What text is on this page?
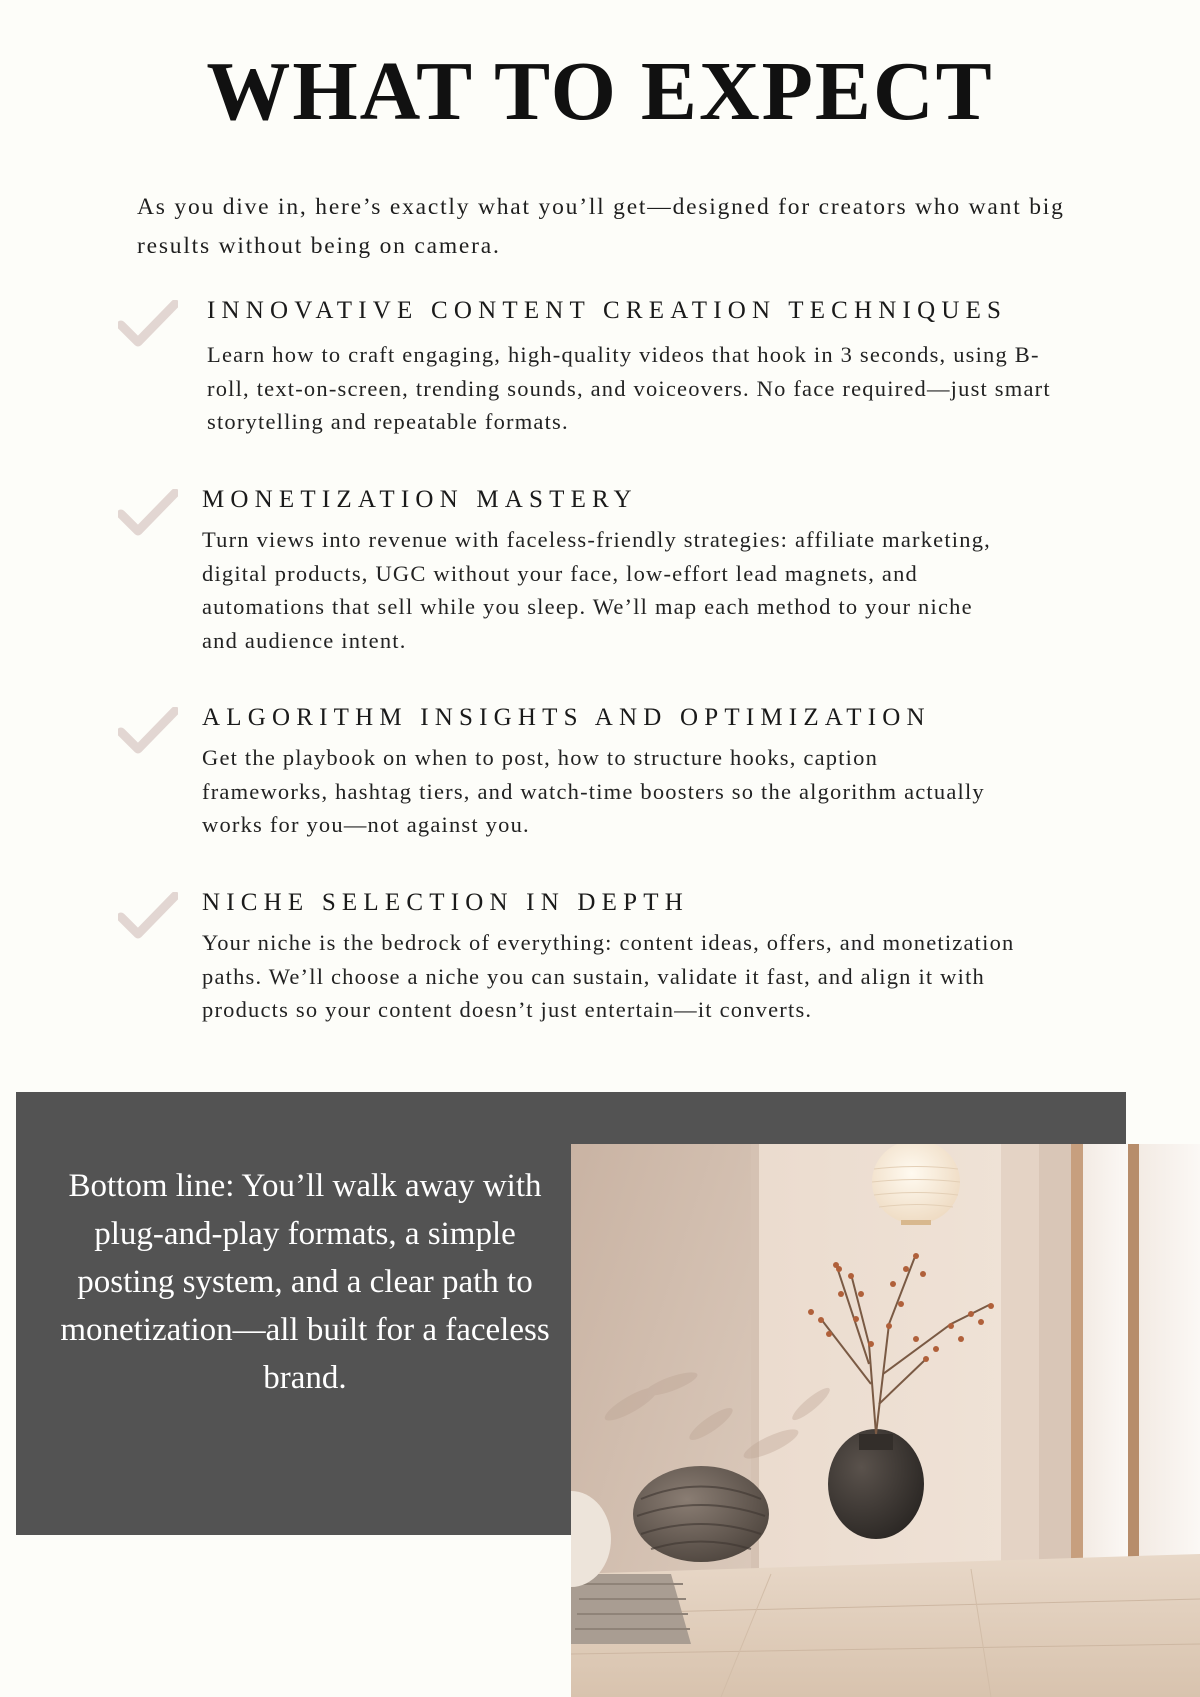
WHAT TO EXPECT

As you dive in, here’s exactly what you’ll get—designed for creators who want big results without being on camera.

INNOVATIVE CONTENT CREATION TECHNIQUES

Learn how to craft engaging, high-quality videos that hook in 3 seconds, using B-roll, text-on-screen, trending sounds, and voiceovers. No face required—just smart storytelling and repeatable formats.

MONETIZATION MASTERY

Turn views into revenue with faceless-friendly strategies: affiliate marketing, digital products, UGC without your face, low-effort lead magnets, and automations that sell while you sleep. We’ll map each method to your niche and audience intent.

ALGORITHM INSIGHTS AND OPTIMIZATION

Get the playbook on when to post, how to structure hooks, caption frameworks, hashtag tiers, and watch-time boosters so the algorithm actually works for you—not against you.

NICHE SELECTION IN DEPTH

Your niche is the bedrock of everything: content ideas, offers, and monetization paths. We’ll choose a niche you can sustain, validate it fast, and align it with products so your content doesn’t just entertain—it converts.

Bottom line: You’ll walk away with plug-and-play formats, a simple posting system, and a clear path to monetization—all built for a faceless brand.
